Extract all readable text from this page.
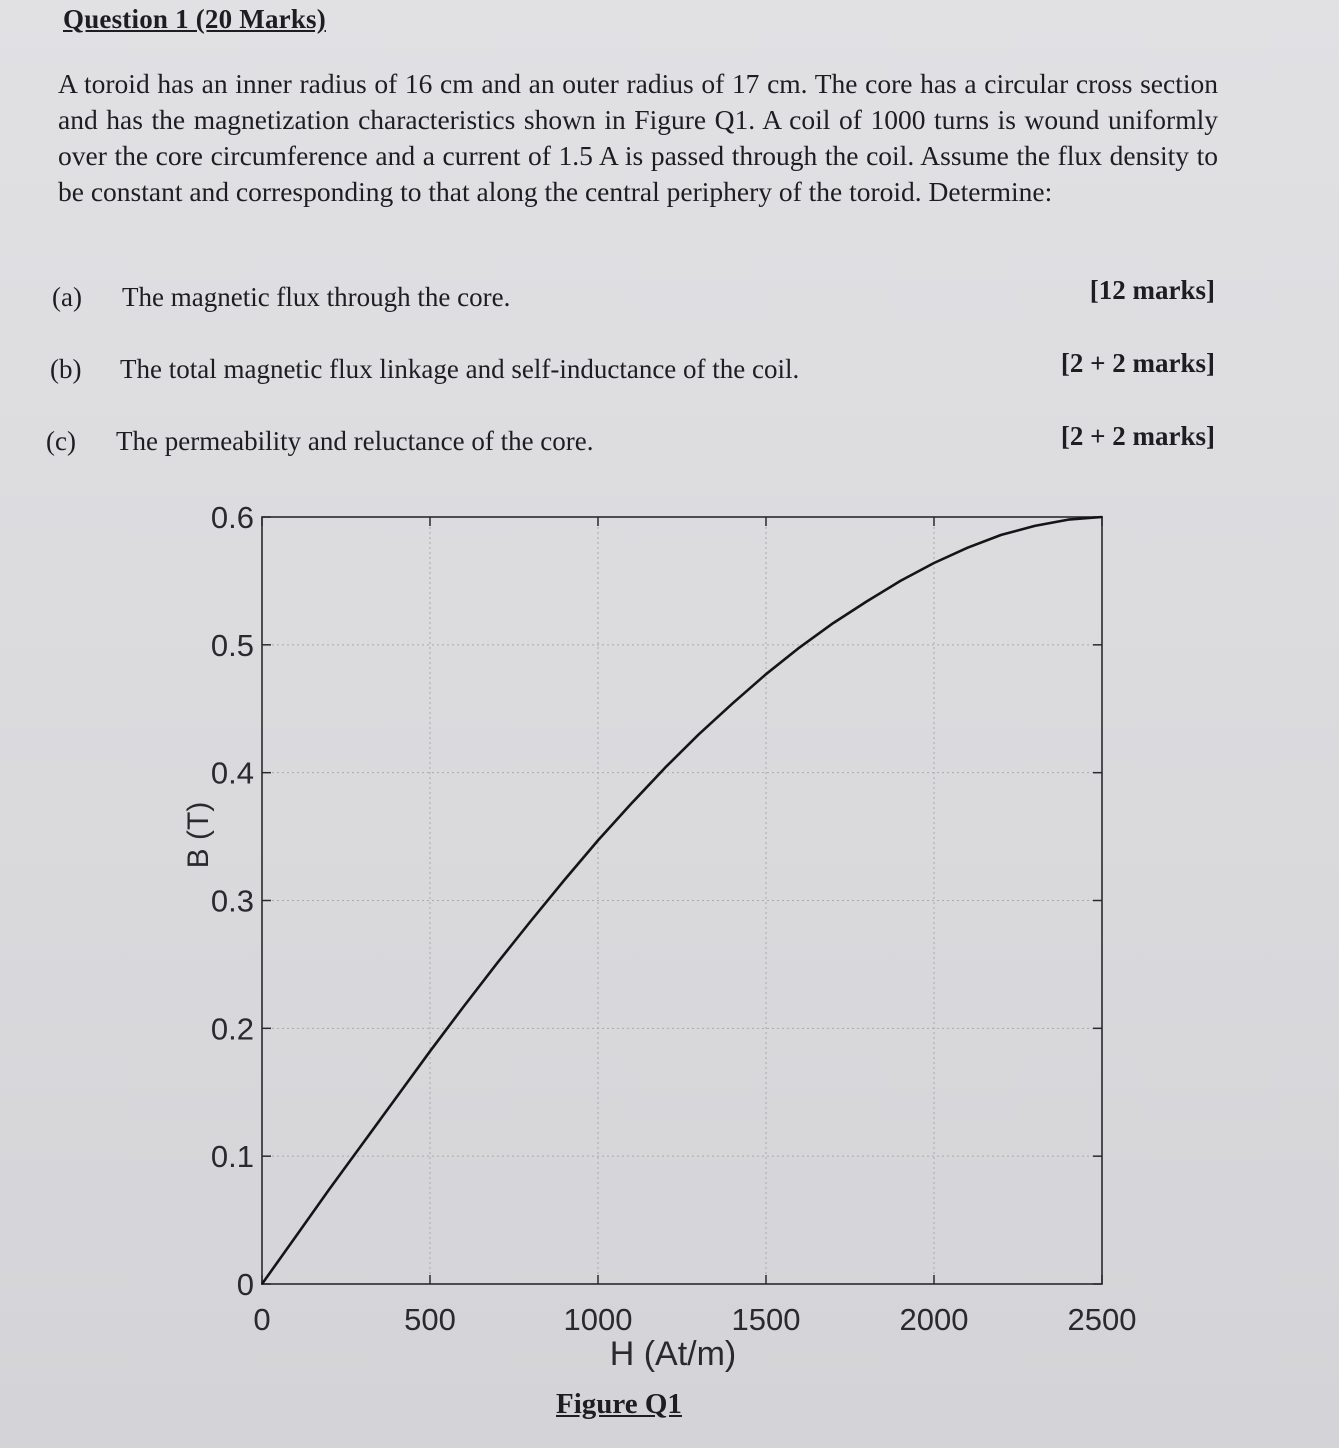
Question 1 (20 Marks)
A toroid has an inner radius of 16 cm and an outer radius of 17 cm. The core has a circular cross section and has the magnetization characteristics shown in Figure Q1. A coil of 1000 turns is wound uniformly over the core circumference and a current of 1.5 A is passed through the coil. Assume the flux density to be constant and corresponding to that along the central periphery of the toroid. Determine:
(a) The magnetic flux through the core.	[12 marks]
(b) The total magnetic flux linkage and self-inductance of the coil.	[2 + 2 marks]
(c) The permeability and reluctance of the core.	[2 + 2 marks]
0	500	1000	1500	2000	2500
0
0.1
0.2
0.3
0.4
0.5
0.6
H (At/m)
B (T)
Figure Q1
